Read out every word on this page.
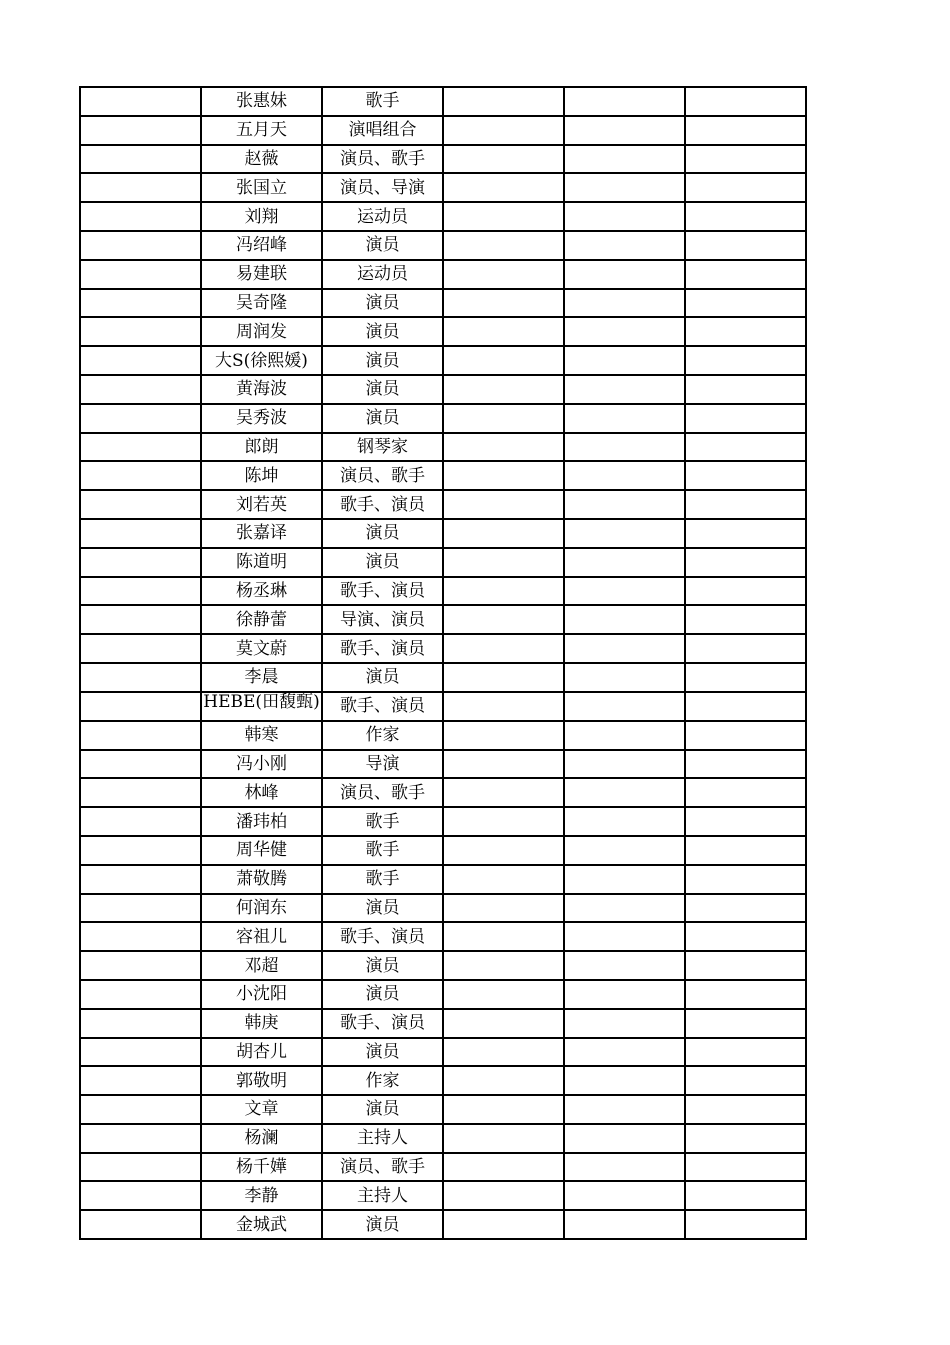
	张惠妹	歌手			
	五月天	演唱组合			
	赵薇	演员、歌手			
	张国立	演员、导演			
	刘翔	运动员			
	冯绍峰	演员			
	易建联	运动员			
	吴奇隆	演员			
	周润发	演员			
	大S(徐熙媛)	演员			
	黄海波	演员			
	吴秀波	演员			
	郎朗	钢琴家			
	陈坤	演员、歌手			
	刘若英	歌手、演员			
	张嘉译	演员			
	陈道明	演员			
	杨丞琳	歌手、演员			
	徐静蕾	导演、演员			
	莫文蔚	歌手、演员			
	李晨	演员			

	HEBE(田馥甄)	歌手、演员			
	韩寒	作家			
	冯小刚	导演			
	林峰	演员、歌手			
	潘玮柏	歌手			
	周华健	歌手			
	萧敬腾	歌手			
	何润东	演员			
	容祖儿	歌手、演员			
	邓超	演员			
	小沈阳	演员			
	韩庚	歌手、演员			
	胡杏儿	演员			
	郭敬明	作家			
	文章	演员			
	杨澜	主持人			
	杨千嬅	演员、歌手			
	李静	主持人			
	金城武	演员			
